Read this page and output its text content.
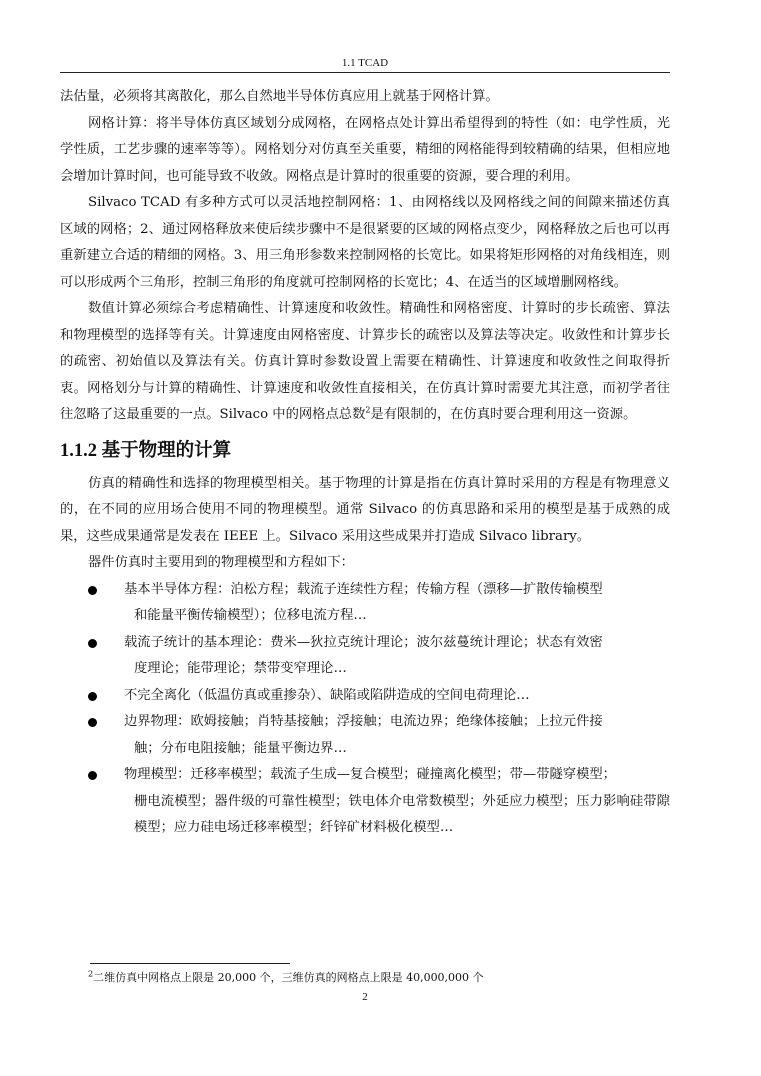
1.1 TCAD

法估量，必须将其离散化，那么自然地半导体仿真应用上就基于网格计算。

网格计算：将半导体仿真区域划分成网格，在网格点处计算出希望得到的特性（如：电学性质，光学性质，工艺步骤的速率等等）。网格划分对仿真至关重要，精细的网格能得到较精确的结果，但相应地会增加计算时间，也可能导致不收敛。网格点是计算时的很重要的资源，要合理的利用。

Silvaco TCAD 有多种方式可以灵活地控制网格：1、由网格线以及网格线之间的间隙来描述仿真区域的网格；2、通过网格释放来使后续步骤中不是很紧要的区域的网格点变少，网格释放之后也可以再重新建立合适的精细的网格。3、用三角形参数来控制网格的长宽比。如果将矩形网格的对角线相连，则可以形成两个三角形，控制三角形的角度就可控制网格的长宽比；4、在适当的区域增删网格线。

数值计算必须综合考虑精确性、计算速度和收敛性。精确性和网格密度、计算时的步长疏密、算法和物理模型的选择等有关。计算速度由网格密度、计算步长的疏密以及算法等决定。收敛性和计算步长的疏密、初始值以及算法有关。仿真计算时参数设置上需要在精确性、计算速度和收敛性之间取得折衷。网格划分与计算的精确性、计算速度和收敛性直接相关，在仿真计算时需要尤其注意，而初学者往往忽略了这最重要的一点。Silvaco 中的网格点总数$^2$是有限制的，在仿真时要合理利用这一资源。

1.1.2 基于物理的计算

仿真的精确性和选择的物理模型相关。基于物理的计算是指在仿真计算时采用的方程是有物理意义的，在不同的应用场合使用不同的物理模型。通常 Silvaco 的仿真思路和采用的模型是基于成熟的成果，这些成果通常是发表在 IEEE 上。Silvaco 采用这些成果并打造成 Silvaco library。

器件仿真时主要用到的物理模型和方程如下：

基本半导体方程：泊松方程；载流子连续性方程；传输方程（漂移—扩散传输模型
和能量平衡传输模型）；位移电流方程…
载流子统计的基本理论：费米—狄拉克统计理论；波尔兹蔓统计理论；状态有效密
度理论；能带理论；禁带变窄理论…
不完全离化（低温仿真或重掺杂）、缺陷或陷阱造成的空间电荷理论…
边界物理：欧姆接触；肖特基接触；浮接触；电流边界；绝缘体接触；上拉元件接
触；分布电阻接触；能量平衡边界…
物理模型：迁移率模型；载流子生成—复合模型；碰撞离化模型；带—带隧穿模型；
栅电流模型；器件级的可靠性模型；铁电体介电常数模型；外延应力模型；压力影响硅带隙模型；应力硅电场迁移率模型；纤锌矿材料极化模型…
$^2$二维仿真中网格点上限是 20,000 个，三维仿真的网格点上限是 40,000,000 个
2
